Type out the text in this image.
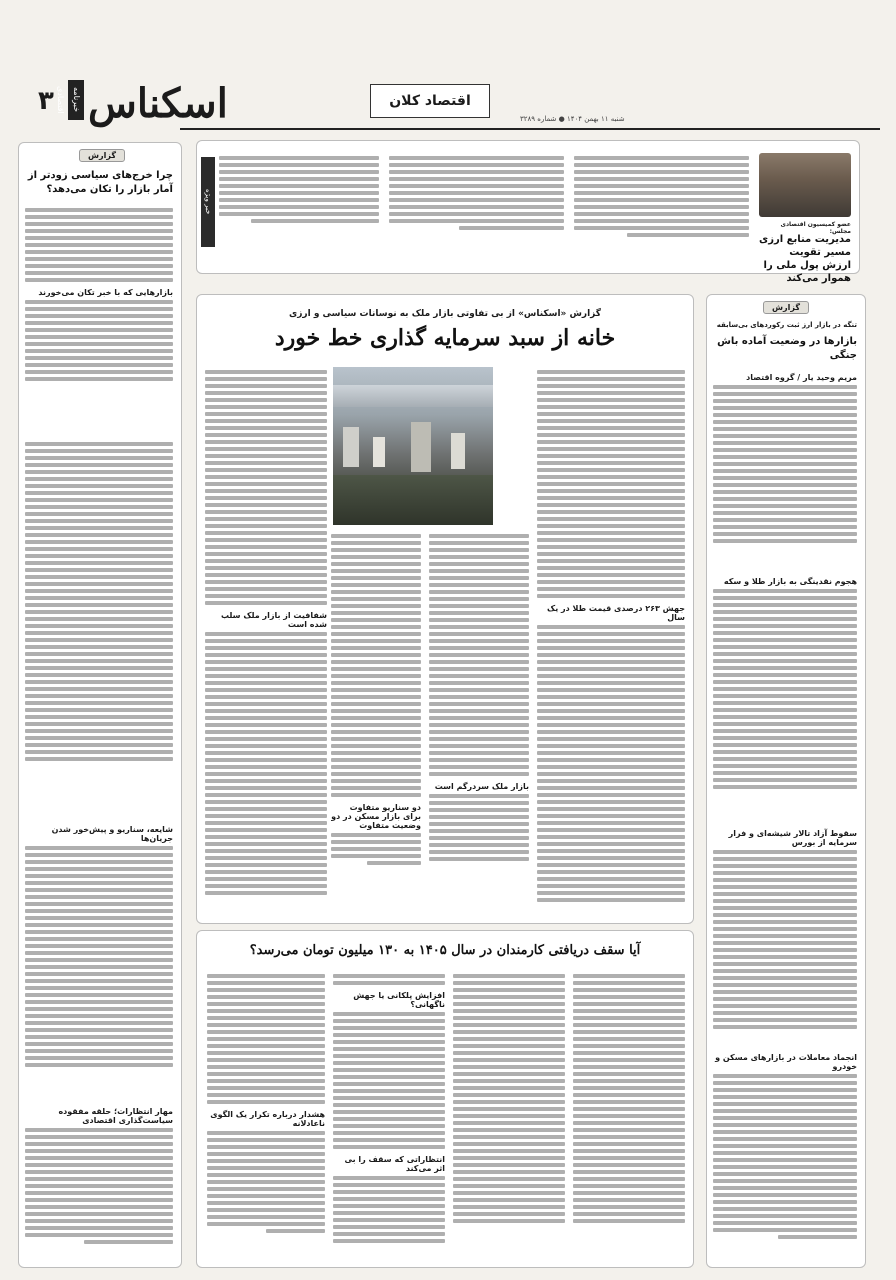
اسکناس
خبرنامه اقتصادی
۳	اقتصاد کلان
شنبه ۱۱ بهمن ۱۴۰۴ ● شماره ۳۲۸۹
عضو کمیسیون اقتصادی مجلس:
مدیریت منابع ارزی مسیر تقویت ارزش پول ملی را هموار می‌کند
خبر ویژه
گزارش
چرا خرج‌های سیاسی زودتر از آمار بازار را تکان می‌دهد؟
بازارهایی که با خبر تکان می‌خورند
شایعه، سناریو و پیش‌خور شدن جریان‌ها
مهار انتظارات؛ حلقه مفقوده سیاست‌گذاری اقتصادی
گزارش
تنگه در بازار ارز ثبت رکوردهای بی‌سابقه
بازارها در وضعیت آماده باش جنگی
مریم وحید یار / گروه اقتصاد
هجوم نقدینگی به بازار طلا و سکه
سقوط آزاد تالار شیشه‌ای و فرار سرمایه از بورس
انجماد معاملات در بازارهای مسکن و خودرو
گزارش «اسکناس» از بی تفاوتی بازار ملک به نوسانات سیاسی و ارزی
خانه از سبد سرمایه گذاری خط خورد
جهش ۲۶۳ درصدی قیمت طلا در یک سال
شفافیت از بازار ملک سلب شده است
بازار ملک سردرگم است
دو سناریو متفاوت برای بازار مسکن در دو وضعیت متفاوت
آیا سقف دریافتی کارمندان در سال ۱۴۰۵ به ۱۳۰ میلیون تومان می‌رسد؟
افزایش پلکانی یا جهش ناگهانی؟
انتظاراتی که سقف را بی اثر می‌کند
هشدار درباره تکرار یک الگوی ناعادلانه
